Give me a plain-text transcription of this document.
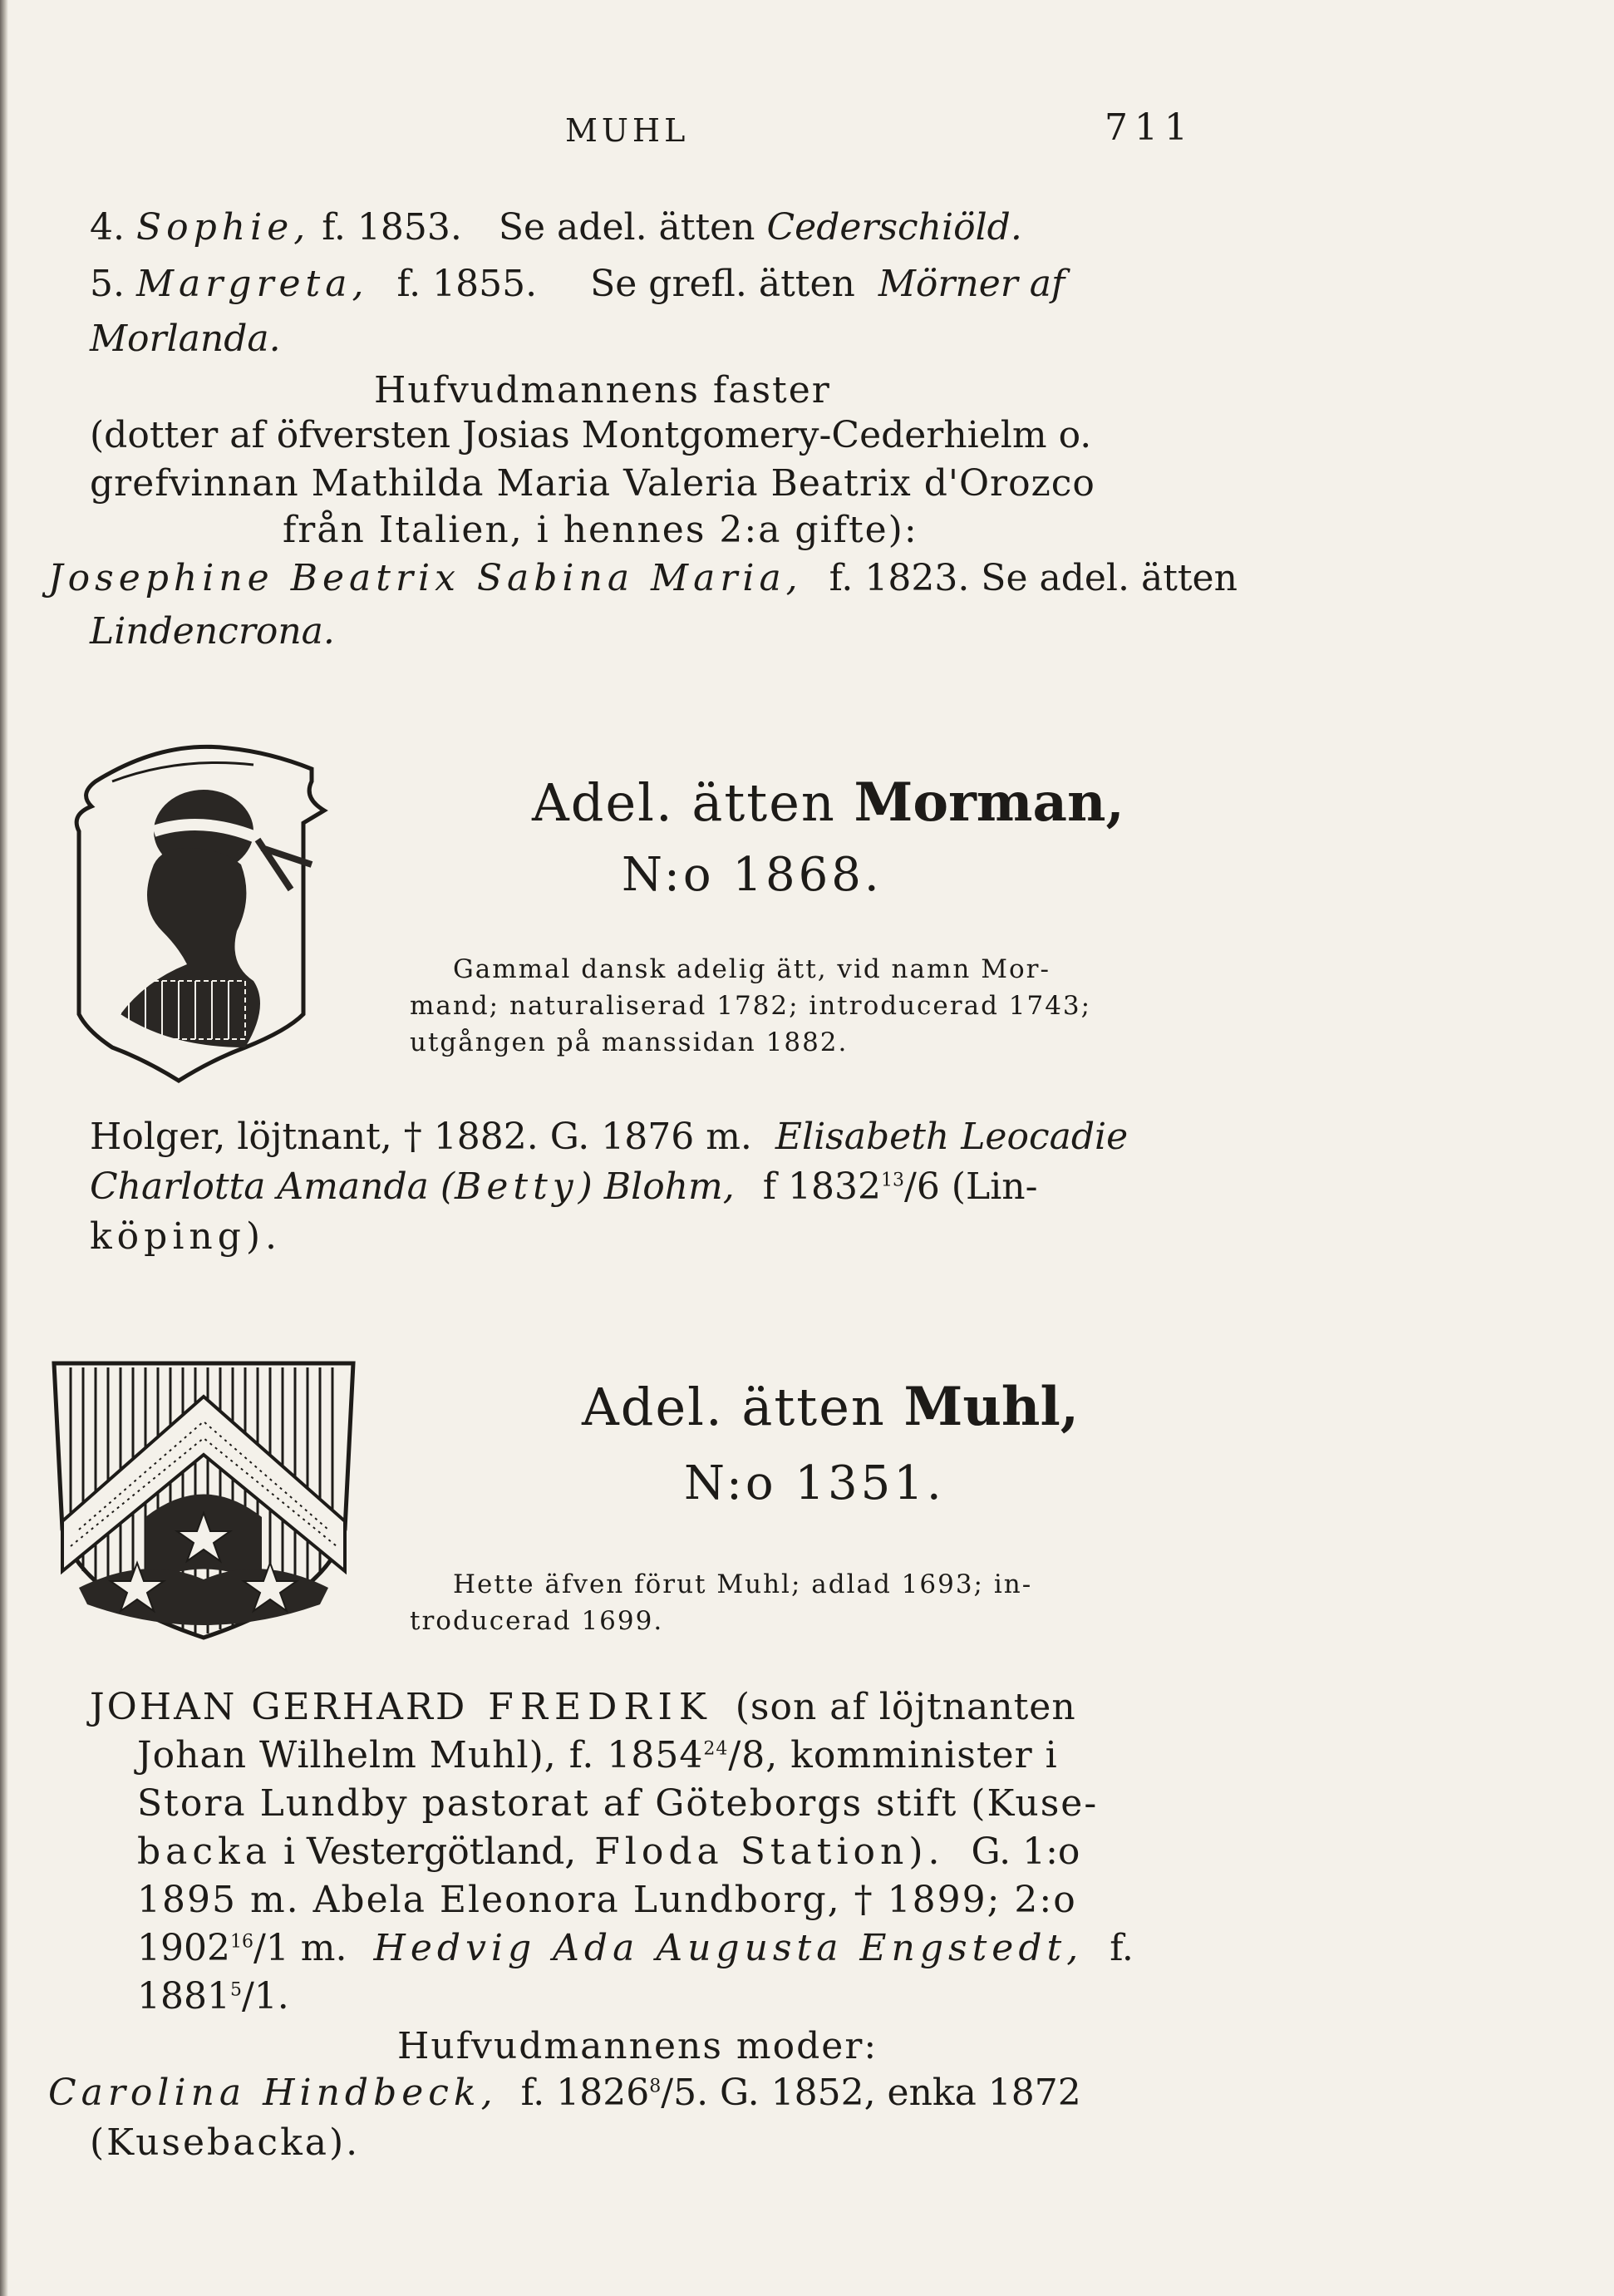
MUHL	711
4. Sophie, f. 1853. Se adel. ätten Cederschiöld.
5. Margreta, f. 1855. Se grefl. ätten Mörner af
Morlanda.
Hufvudmannens faster
(dotter af öfversten Josias Montgomery-Cederhielm o.
grefvinnan Mathilda Maria Valeria Beatrix d'Orozco
från Italien, i hennes 2:a gifte):
Josephine Beatrix Sabina Maria, f. 1823. Se adel. ätten
Lindencrona.
Adel. ätten Morman,
N:o 1868.
Gammal dansk adelig ätt, vid namn Mor-
mand; naturaliserad 1782; introducerad 1743;
utgången på manssidan 1882.
Holger, löjtnant, † 1882. G. 1876 m. Elisabeth Leocadie
Charlotta Amanda (Betty) Blohm, f 1832$^{13}$/6 (Lin-
köping).
Adel. ätten Muhl,
N:o 1351.
Hette äfven förut Muhl; adlad 1693; in-
troducerad 1699.
JOHAN GERHARD FREDRIK (son af löjtnanten
Johan Wilhelm Muhl), f. 1854$^{24}$/8, komminister i
Stora Lundby pastorat af Göteborgs stift (Kuse-
backa i Vestergötland, Floda Station). G. 1:o
1895 m. Abela Eleonora Lundborg, † 1899; 2:o
1902$^{16}$/1 m. Hedvig Ada Augusta Engstedt, f.
1881$^5$/1.
Hufvudmannens moder:
Carolina Hindbeck, f. 1826$^8$/5. G. 1852, enka 1872
(Kusebacka).
